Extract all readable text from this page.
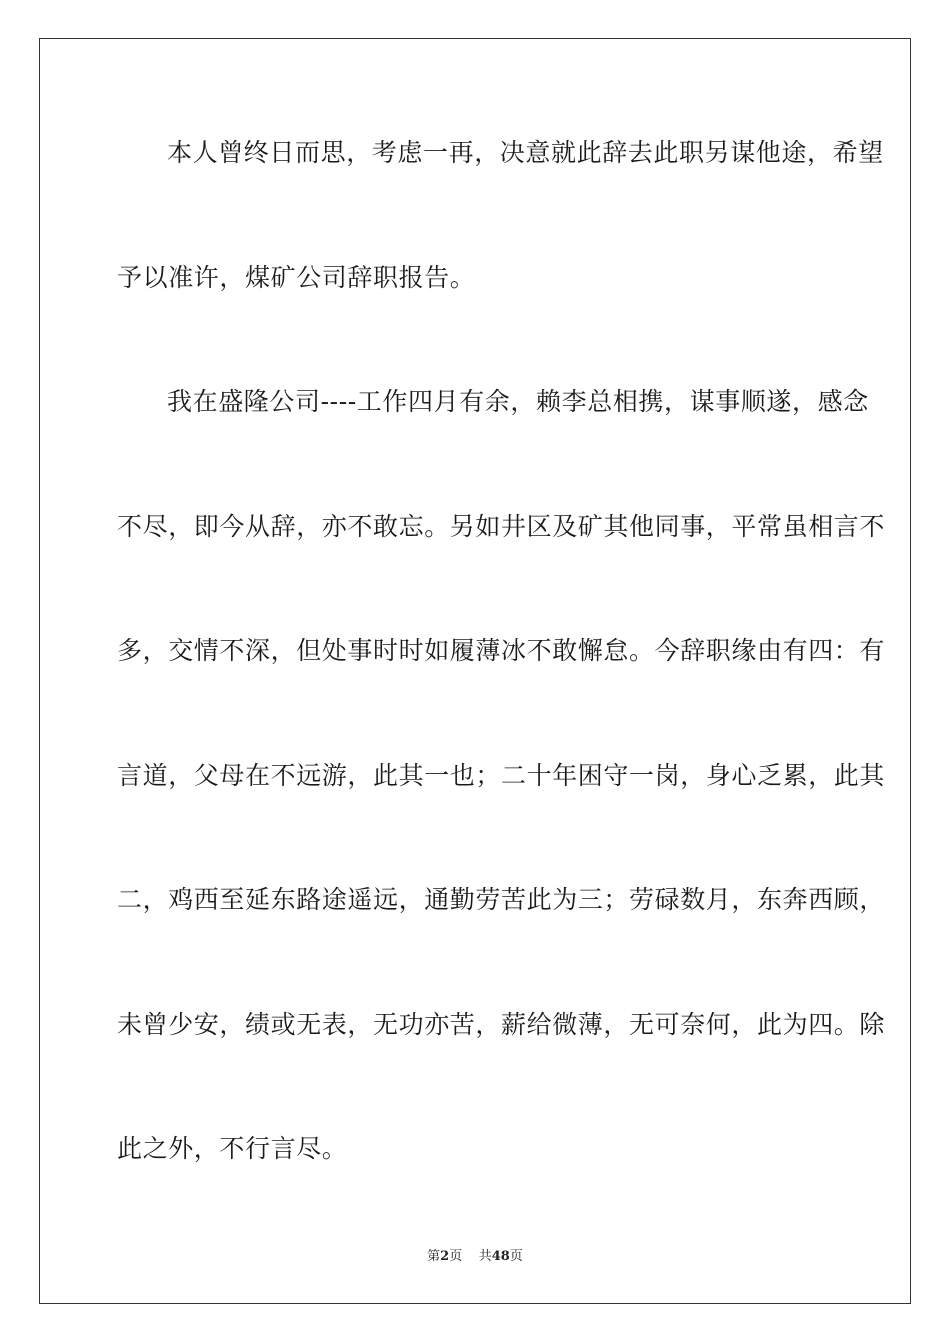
本人曾终日而思，考虑一再，决意就此辞去此职另谋他途，希望

予以准许，煤矿公司辞职报告。

我在盛隆公司----工作四月有余，赖李总相携，谋事顺遂，感念

不尽，即今从辞，亦不敢忘。另如井区及矿其他同事，平常虽相言不

多，交情不深，但处事时时如履薄冰不敢懈怠。今辞职缘由有四：有

言道，父母在不远游，此其一也；二十年困守一岗，身心乏累，此其

二，鸡西至延东路途遥远，通勤劳苦此为三；劳碌数月，东奔西顾，

未曾少安，绩或无表，无功亦苦，薪给微薄，无可奈何，此为四。除

此之外，不行言尽。

第2页 共48页
